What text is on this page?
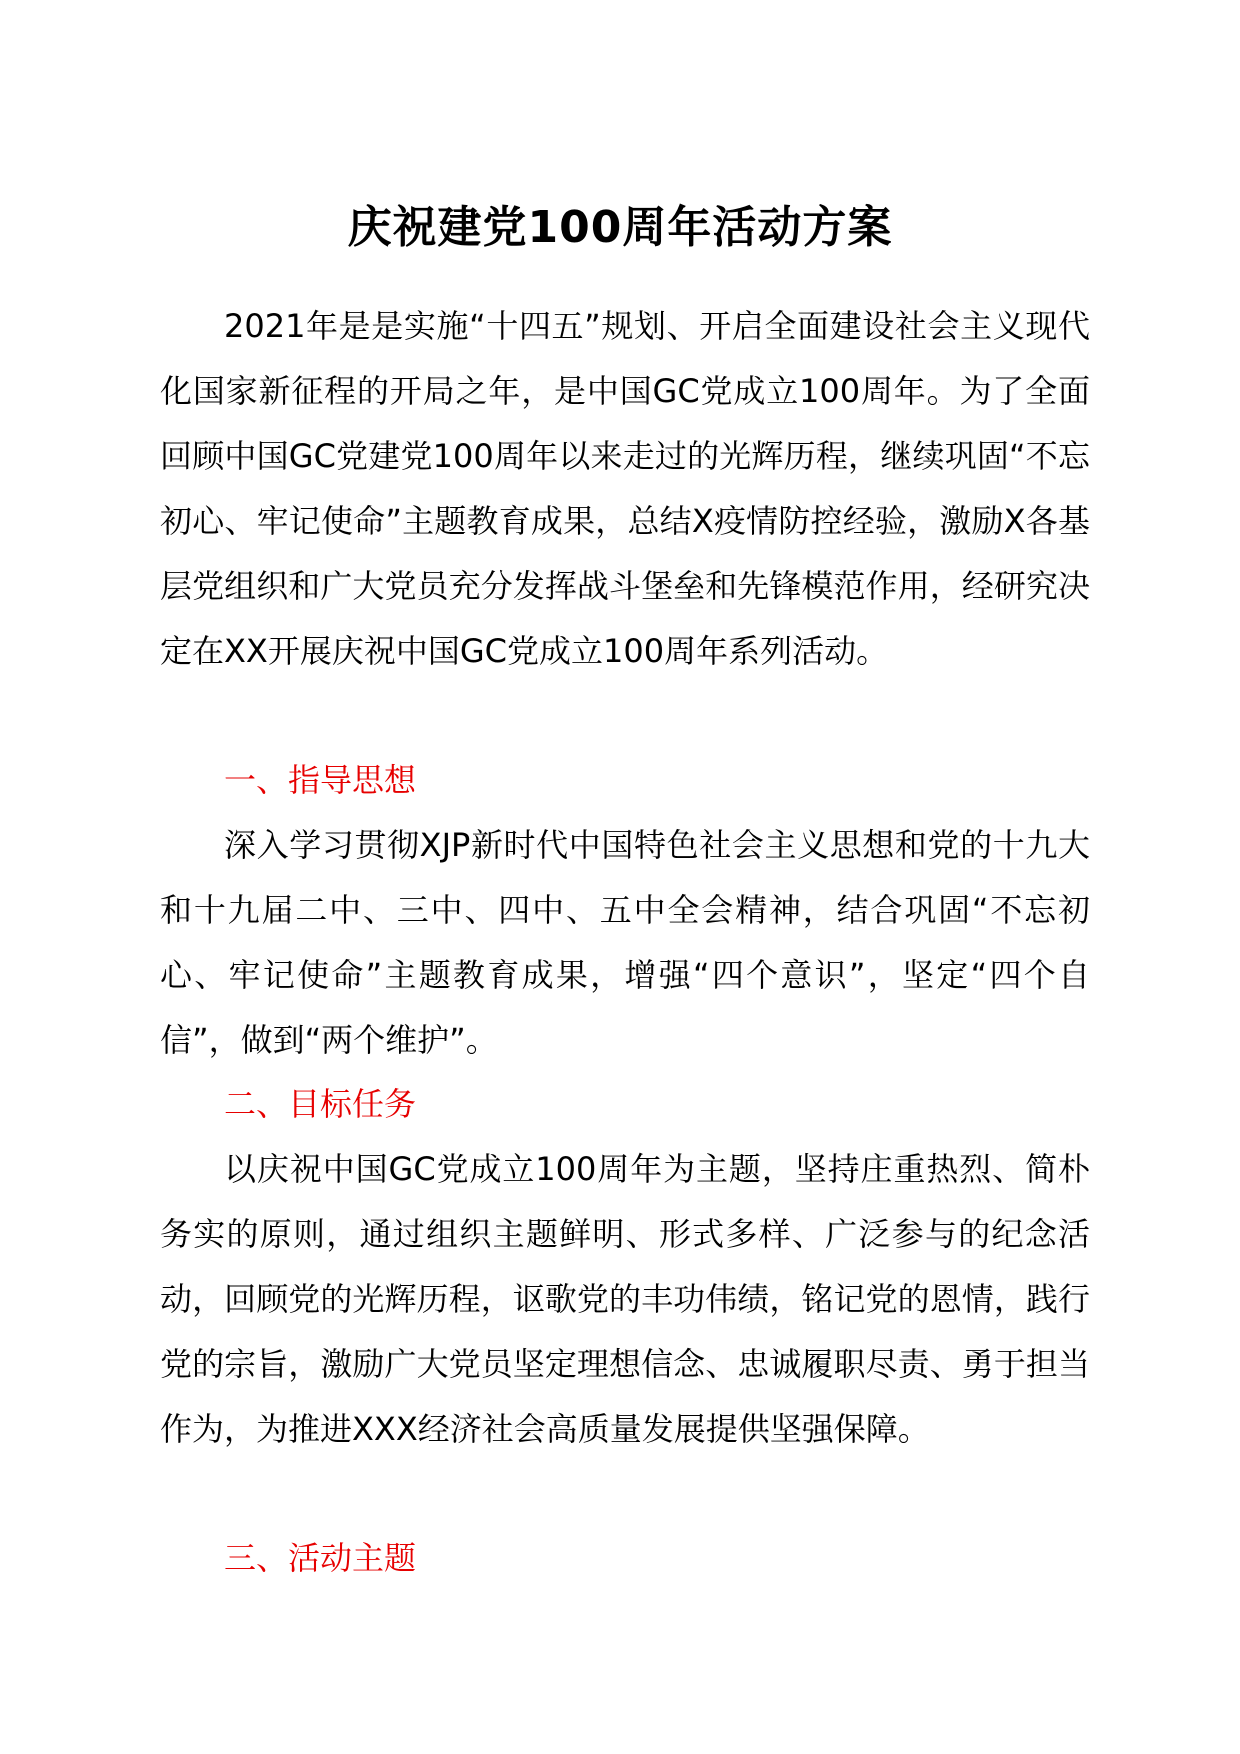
庆祝建党100周年活动方案

2021年是是实施“十四五”规划、开启全面建设社会主义现代化国家新征程的开局之年，是中国GC党成立100周年。为了全面回顾中国GC党建党100周年以来走过的光辉历程，继续巩固“不忘初心、牢记使命”主题教育成果，总结X疫情防控经验，激励X各基层党组织和广大党员充分发挥战斗堡垒和先锋模范作用，经研究决定在XX开展庆祝中国GC党成立100周年系列活动。

一、指导思想

深入学习贯彻XJP新时代中国特色社会主义思想和党的十九大和十九届二中、三中、四中、五中全会精神，结合巩固“不忘初心、牢记使命”主题教育成果，增强“四个意识”，坚定“四个自信”，做到“两个维护”。

二、目标任务

以庆祝中国GC党成立100周年为主题，坚持庄重热烈、简朴务实的原则，通过组织主题鲜明、形式多样、广泛参与的纪念活动，回顾党的光辉历程，讴歌党的丰功伟绩，铭记党的恩情，践行党的宗旨，激励广大党员坚定理想信念、忠诚履职尽责、勇于担当作为，为推进XXX经济社会高质量发展提供坚强保障。

三、活动主题
